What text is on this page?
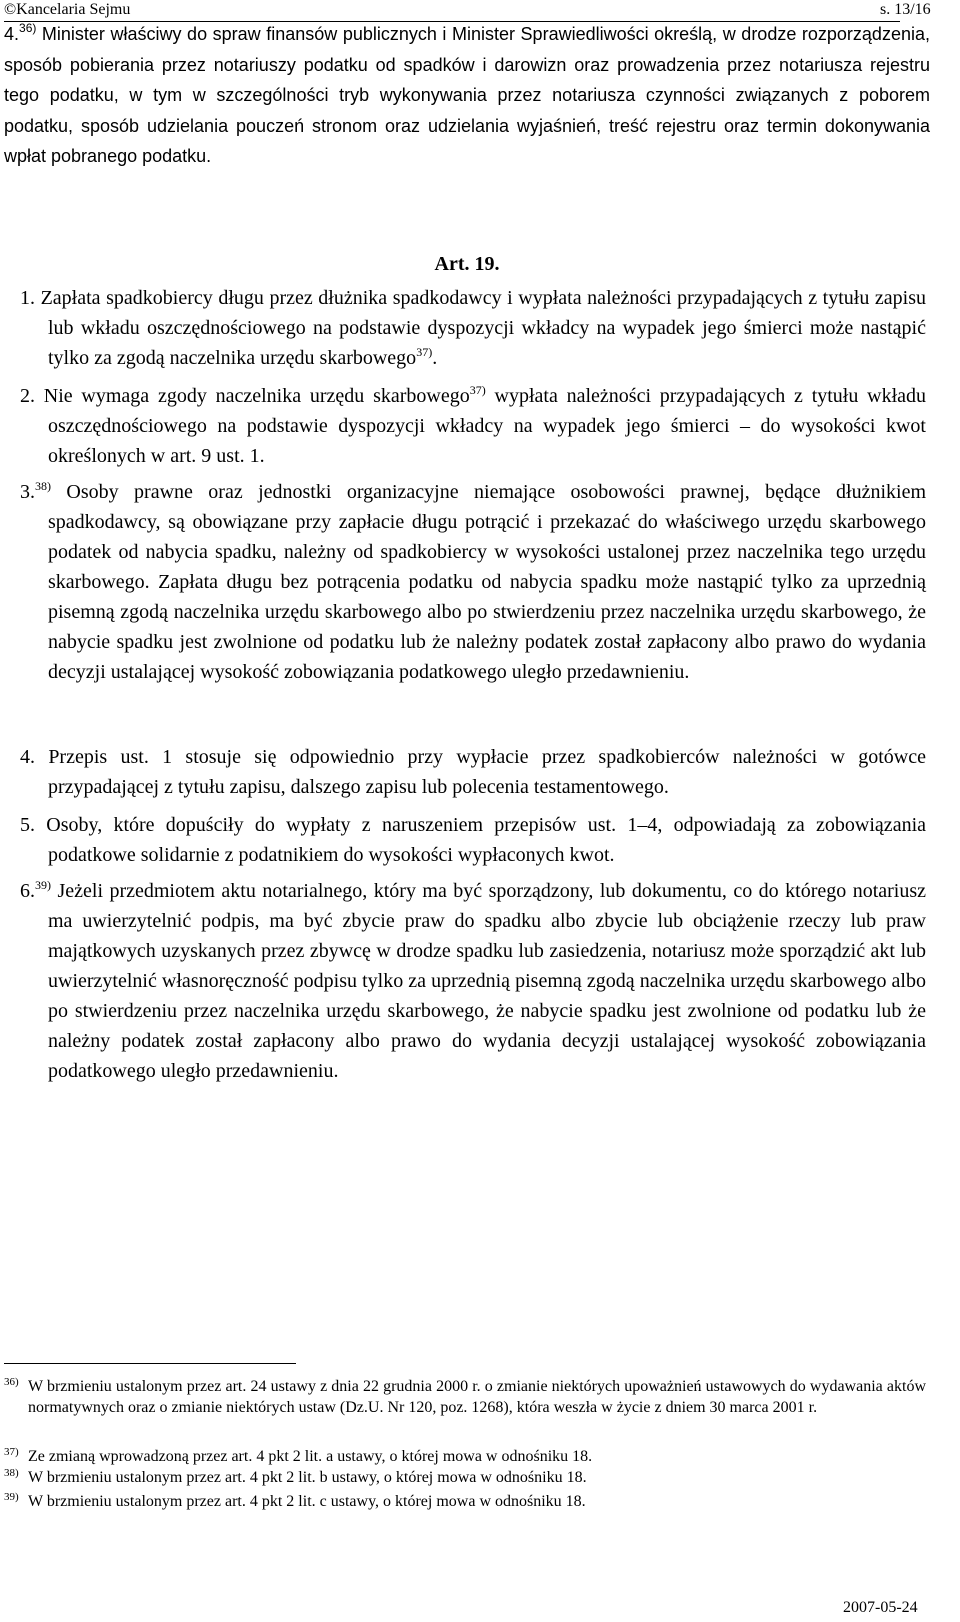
©Kancelaria Sejmu	s. 13/16

4.$^{36)}$ Minister właściwy do spraw finansów publicznych i Minister Sprawiedliwości określą, w drodze rozporządzenia, sposób pobierania przez notariuszy podatku od spadków i darowizn oraz prowadzenia przez notariusza rejestru tego podatku, w tym w szczególności tryb wykonywania przez notariusza czynności związanych z poborem podatku, sposób udzielania pouczeń stronom oraz udzielania wyjaśnień, treść rejestru oraz termin dokonywania wpłat pobranego podatku.

Art. 19.

1. Zapłata spadkobiercy długu przez dłużnika spadkodawcy i wypłata należności przypadających z tytułu zapisu lub wkładu oszczędnościowego na podstawie dyspozycji wkładcy na wypadek jego śmierci może nastąpić tylko za zgodą naczelnika urzędu skarbowego$^{37)}$.

2. Nie wymaga zgody naczelnika urzędu skarbowego$^{37)}$ wypłata należności przypadających z tytułu wkładu oszczędnościowego na podstawie dyspozycji wkładcy na wypadek jego śmierci – do wysokości kwot określonych w art. 9 ust. 1.

3.$^{38)}$ Osoby prawne oraz jednostki organizacyjne niemające osobowości prawnej, będące dłużnikiem spadkodawcy, są obowiązane przy zapłacie długu potrącić i przekazać do właściwego urzędu skarbowego podatek od nabycia spadku, należny od spadkobiercy w wysokości ustalonej przez naczelnika tego urzędu skarbowego. Zapłata długu bez potrącenia podatku od nabycia spadku może nastąpić tylko za uprzednią pisemną zgodą naczelnika urzędu skarbowego albo po stwierdzeniu przez naczelnika urzędu skarbowego, że nabycie spadku jest zwolnione od podatku lub że należny podatek został zapłacony albo prawo do wydania decyzji ustalającej wysokość zobowiązania podatkowego uległo przedawnieniu.

4. Przepis ust. 1 stosuje się odpowiednio przy wypłacie przez spadkobierców należności w gotówce przypadającej z tytułu zapisu, dalszego zapisu lub polecenia testamentowego.

5. Osoby, które dopuściły do wypłaty z naruszeniem przepisów ust. 1–4, odpowiadają za zobowiązania podatkowe solidarnie z podatnikiem do wysokości wypłaconych kwot.

6.$^{39)}$ Jeżeli przedmiotem aktu notarialnego, który ma być sporządzony, lub dokumentu, co do którego notariusz ma uwierzytelnić podpis, ma być zbycie praw do spadku albo zbycie lub obciążenie rzeczy lub praw majątkowych uzyskanych przez zbywcę w drodze spadku lub zasiedzenia, notariusz może sporządzić akt lub uwierzytelnić własnoręczność podpisu tylko za uprzednią pisemną zgodą naczelnika urzędu skarbowego albo po stwierdzeniu przez naczelnika urzędu skarbowego, że nabycie spadku jest zwolnione od podatku lub że należny podatek został zapłacony albo prawo do wydania decyzji ustalającej wysokość zobowiązania podatkowego uległo przedawnieniu.

$^{36)}$ W brzmieniu ustalonym przez art. 24 ustawy z dnia 22 grudnia 2000 r. o zmianie niektórych upoważnień ustawowych do wydawania aktów normatywnych oraz o zmianie niektórych ustaw (Dz.U. Nr 120, poz. 1268), która weszła w życie z dniem 30 marca 2001 r.
$^{37)}$ Ze zmianą wprowadzoną przez art. 4 pkt 2 lit. a ustawy, o której mowa w odnośniku 18.
$^{38)}$ W brzmieniu ustalonym przez art. 4 pkt 2 lit. b ustawy, o której mowa w odnośniku 18.
$^{39)}$ W brzmieniu ustalonym przez art. 4 pkt 2 lit. c ustawy, o której mowa w odnośniku 18.
2007-05-24
